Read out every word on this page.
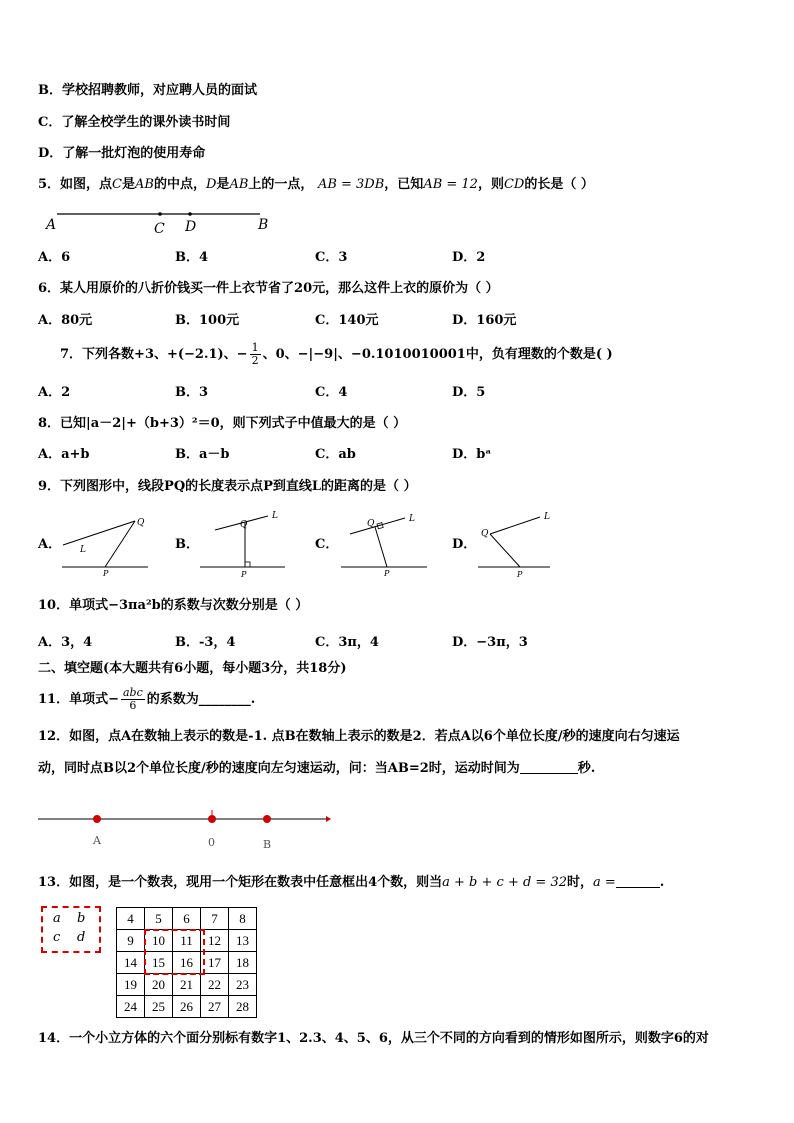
B．学校招聘教师，对应聘人员的面试
C．了解全校学生的课外读书时间
D．了解一批灯泡的使用寿命
5．如图，点C是AB的中点，D是AB上的一点， AB = 3DB，已知AB = 12，则CD的长是（ ）
A	C D	B
A．6	B．4	C．3	D．2
6．某人用原价的八折价钱买一件上衣节省了20元，那么这件上衣的原价为（ ）
A．80元	B．100元	C．140元	D．160元
7．下列各数+3、+(−2.1)、− $\frac{1}{2}$ 、0、−|−9|、−0.1010010001中，负有理数的个数是( )
A．2	B．3	C．4	D．5
8．已知|a－2|+（b+3）²＝0，则下列式子中值最大的是（ ）
A．a+b	B．a－b	C．ab	D．bᵃ
9．下列图形中，线段PQ的长度表示点P到直线L的距离的是（ ）
A．	B．	C．	D．
Q
L
P
Q
L
P
Q	L
P
Q
L
P
10．单项式−3πa²b的系数与次数分别是（ ）
A．3，4	B．-3，4	C．3π，4	D．−3π，3
二、填空题(本大题共有6小题，每小题3分，共18分)
11．单项式− $\frac{\text{abc}}{6}$ 的系数为________.
12．如图，点A在数轴上表示的数是-1. 点B在数轴上表示的数是2．若点A以6个单位长度/秒的速度向右匀速运
动，同时点B以2个单位长度/秒的速度向左匀速运动，问：当AB=2时，运动时间为	秒.
A	0	B
13．如图，是一个数表，现用一个矩形在数表中任意框出4个数，则当a + b + c + d = 32时，a =	.
a b
c d
4	5	6	7	8
9	10	11	12	13
14	15	16	17	18
19	20	21	22	23
24	25	26	27	28
14．一个小立方体的六个面分别标有数字1、2.3、4、5、6，从三个不同的方向看到的情形如图所示，则数字6的对
